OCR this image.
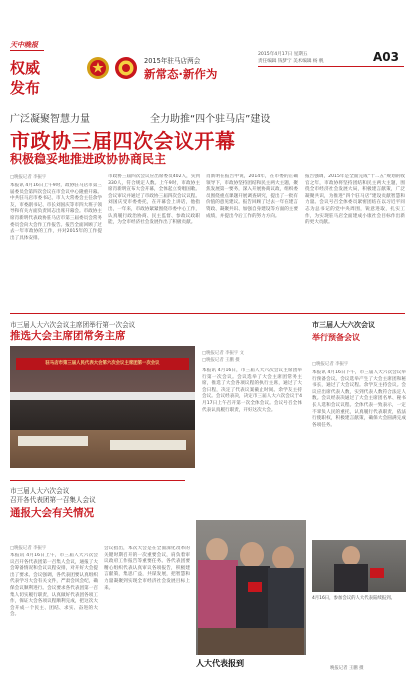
天中晚报
权威
发布
2015年驻马店两会
新常态·新作为
2015年4月17日 星期五
责任编辑 钱梦宁 美术编辑 杨 帆	A03
广泛凝聚智慧力量	全力助推“四个驻马店”建设
市政协三届四次会议开幕
积极稳妥地推进政协协商民主
□晚报记者 李振宇
本报讯 4月16日上午9时，政协驻马店市第三届委员会第四次会议在市会议中心隆重开幕。中共驻马店市委书记、市人大常委会主任余学友，市委副书记、市长刘国庆等市四大班子领导和有关方面负责同志出席开幕会。市政协主席肖新明代表政协驻马店市第三届委员会常务委员会向大会作工作报告。报告全面回顾了过去一年市政协的工作，并对2015年的工作提出了具体安排。
市政协三届四次会议应出席委员402人，实到330人，符合规定人数。上午9时，市政协主席肖新明宣布大会开幕，全体起立奏唱国歌。会议审议并通过了市政协三届四次会议议程。刘国庆受市委委托，在开幕会上讲话，他指出，一年来，市政协紧紧围绕市委中心工作，认真履行政治协商、民主监督、参政议政职能，为全市经济社会发展作出了积极贡献。
肖新明在报告中说，2014年，在市委的正确领导下，市政协坚持团结和民主两大主题，聚焦发展第一要务，深入开展协商议政，组织委员围绕重点课题开展调查研究，提出了一批有价值的意见建议。报告回顾了过去一年在建言资政、凝聚共识、加强自身建设等方面的主要成绩，并提出今后工作的努力方向。
报告强调，2015年是全面完成“十二五”规划的收官之年，市政协将坚持团结和民主两大主题，围绕全市经济社会发展大局，积极建言献策，广泛凝聚共识，为推进“四个驻马店”建设贡献智慧和力量。会议号召全体委员紧密团结在以习近平同志为总书记的党中央周围，锐意进取，扎实工作，为实现驻马店全面建成小康社会目标作出新的更大贡献。
市三届人大六次会议主席团举行第一次会议
推选大会主席团常务主席
驻马店市第三届人民代表大会第六次会议主席团第一次会议
□晚报记者 李振宇 文
□晚报记者 王鹏 摄
本报讯 4月16日，市三届人大六次会议主席团举行第一次会议。会议选举了大会主席团常务主席，推选了大会各项议程的执行主席，通过了大会日程，决定了代表议案截止时间。余学友主持会议。会议经表决，决定市三届人大六次会议于4月17日上午召开第一次全体会议。会议号召全体代表认真履行职责，开好这次大会。
市三届人大六次会议
举行预备会议
□晚报记者 李振宇
本报讯 4月16日下午，市三届人大六次会议举行预备会议。会议选举产生了大会主席团和秘书长，通过了大会议程。余学友主持会议。会议应出席代表人数，实到代表人数符合法定人数。会议经表决通过了大会主席团名单、秘书长人选和会议议程。全体代表一致表示，一定不辜负人民的重托，认真履行代表职责，依法行使职权，积极建言献策，确保大会圆满完成各项任务。
市三届人大六次会议
召开各代表团第一召集人会议
通报大会有关情况
□晚报记者 李振宇
本报讯 4月16日上午，市三届人大六次会议召开各代表团第一召集人会议，通报了大会筹备情况和会议议程安排，对开好大会提出了要求。会议强调，各代表团要认真组织代表学习大会有关文件，严肃会风会纪，确保会议顺利进行。会议要求各代表团第一召集人切实履行职责，认真做好代表团各项工作，保证大会各项议程顺利完成，把这次大会开成一个民主、团结、求实、奋进的大会。
会议指出，本次大会是在全面深化改革的关键时期召开的一次重要会议，肩负着审议政府工作报告等重要任务。各代表团要精心组织代表认真审议各项报告，积极建言献策，集思广益，共谋发展，把智慧和力量凝聚到实现全市经济社会发展目标上来。
人大代表报到
4月16日，参加会议的人大代表陆续报到。
晚报记者 王鹏 摄
